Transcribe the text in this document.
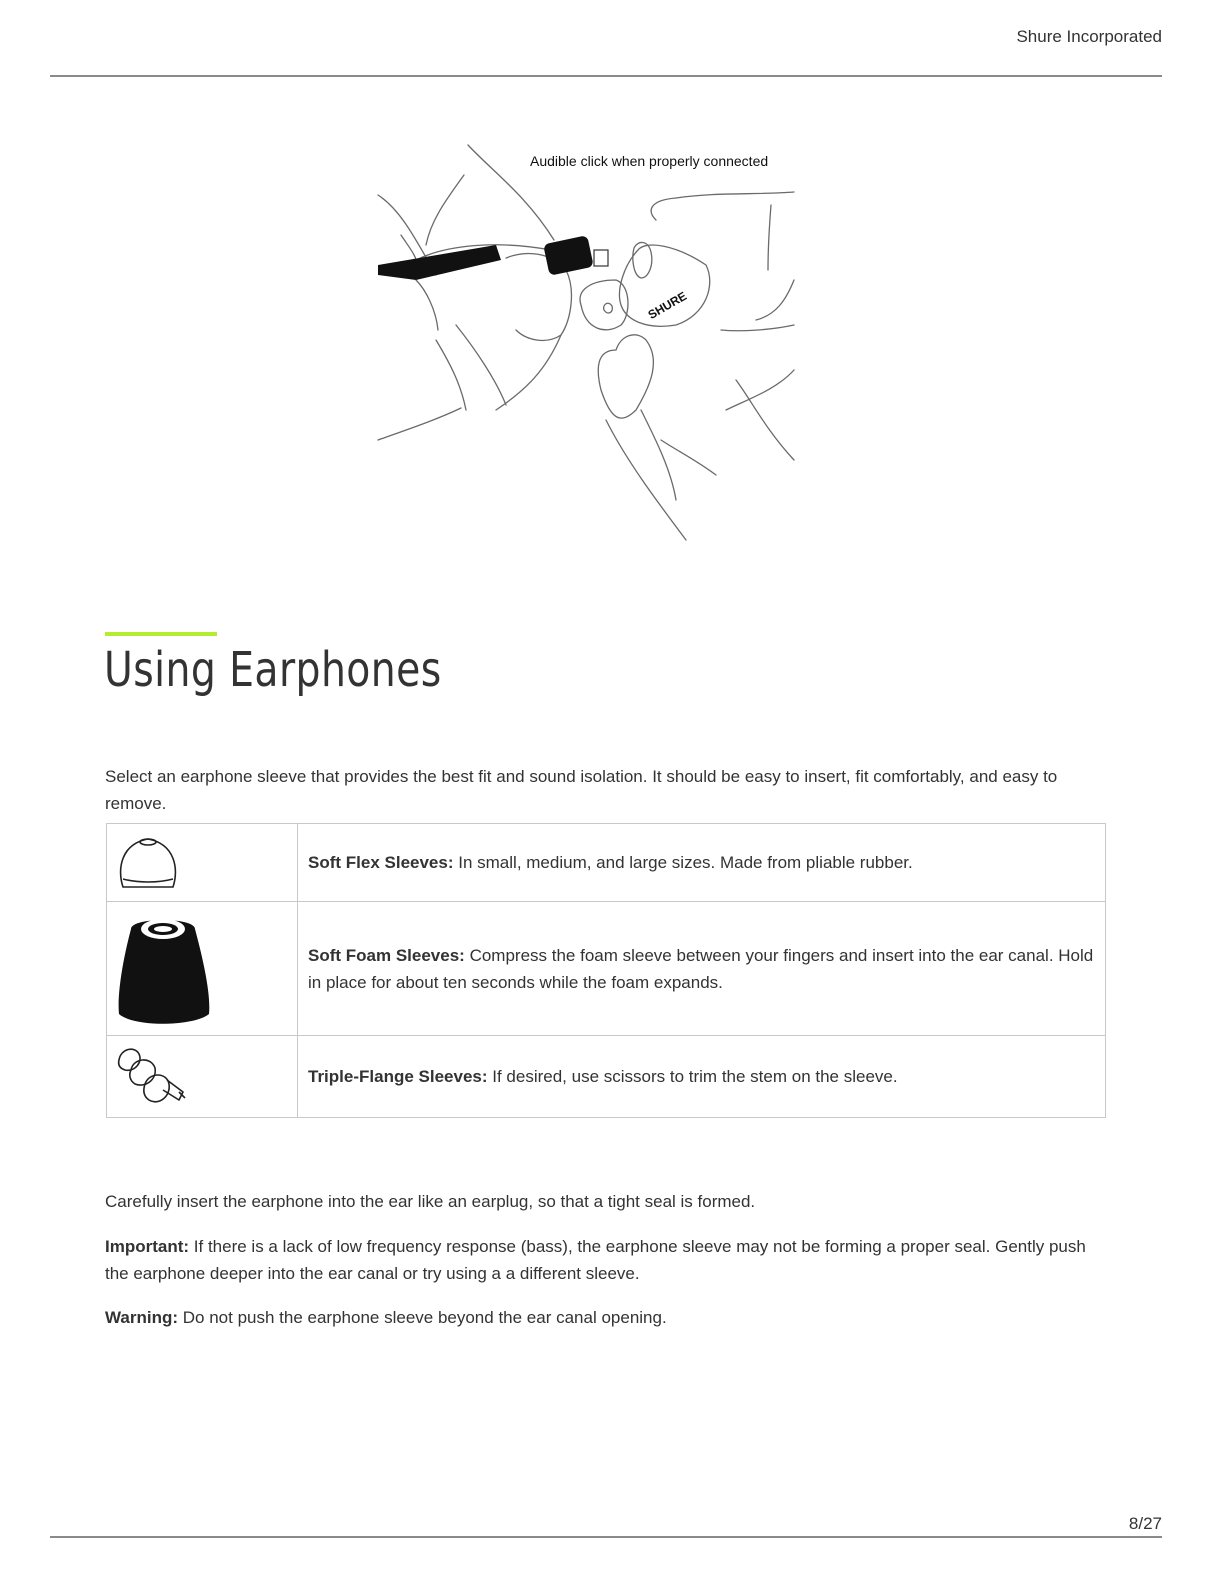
Shure Incorporated
SHURE
Audible click when properly connected
Using Earphones

Select an earphone sleeve that provides the best fit and sound isolation. It should be easy to insert, fit comfortably, and easy to remove.

	Soft Flex Sleeves: In small, medium, and large sizes. Made from pliable rubber.

	Soft Foam Sleeves: Compress the foam sleeve between your fingers and insert into the ear canal. Hold in place for about ten seconds while the foam expands.

	Triple-Flange Sleeves: If desired, use scissors to trim the stem on the sleeve.

Carefully insert the earphone into the ear like an earplug, so that a tight seal is formed.

Important: If there is a lack of low frequency response (bass), the earphone sleeve may not be forming a proper seal. Gently push the earphone deeper into the ear canal or try using a a different sleeve.

Warning: Do not push the earphone sleeve beyond the ear canal opening.

8/27
